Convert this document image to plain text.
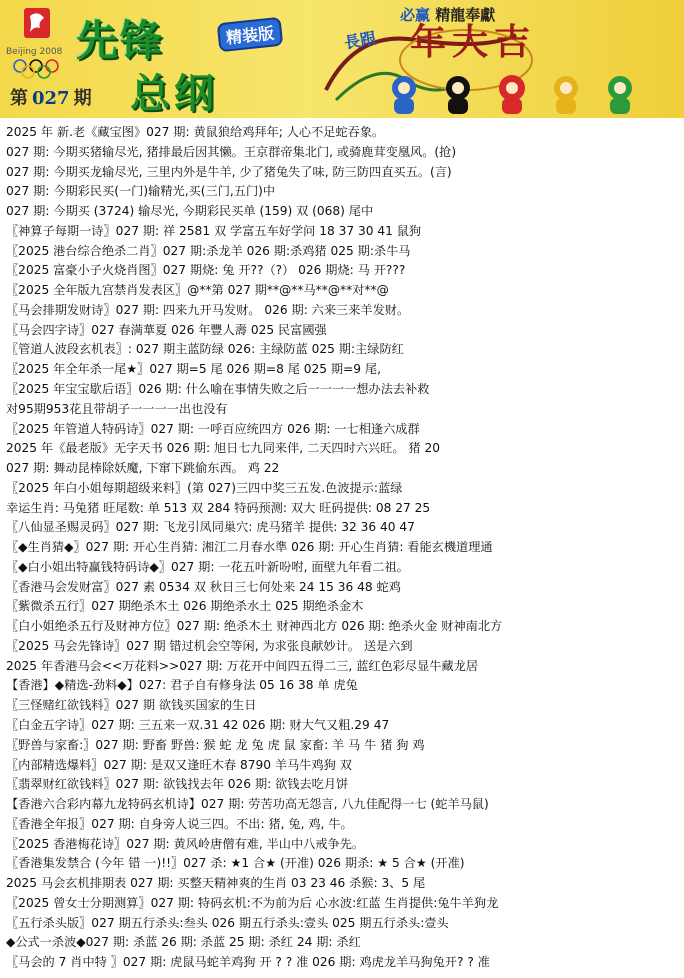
Beijing 2008 先锋	精装版
总纲
第 027 期
必赢 精龍奉獻
長跟 年大吉
2025 年 新.老《藏宝图》027 期: 黄鼠狼给鸡拜年; 人心不足蛇吞象。
027 期: 今期买猪输尽光, 猪排最后因其懒。王京群帝集北门, 或骑鹿茸变凰风。(抢)
027 期: 今期买龙输尽光, 三里内外是牛羊, 少了猪兔失了味, 防三防四直买五。(言)
027 期: 今期彩民买(一门)输精光,买(三门,五门)中
027 期: 今期买 (3724) 输尽光, 今期彩民买单 (159) 双 (068) 尾中
〖神算子每期一诗〗027 期: 祥 2581 双 学富五车好学问 18 37 30 41 鼠狗
〖2025 港台综合绝杀二肖〗027 期:杀龙羊 026 期:杀鸡猪 025 期:杀牛马
〖2025 富豪小子火烧肖图〗027 期烧: 兔 开??（?） 026 期烧: 马 开???
〖2025 全年版九宫禁肖发表区〗@**第 027 期**@**马**@**对**@
〖马会排期发财诗〗027 期: 四来九开马发财。 026 期: 六来三来羊发财。
〖马会四字诗〗027 春满華夏 026 年豐人壽 025 民富國强
〖管道人波段玄机表〗: 027 期主蓝防绿 026: 主绿防蓝 025 期:主绿防红
〖2025 年全年杀一尾★〗027 期=5 尾 026 期=8 尾 025 期=9 尾,
〖2025 年宝宝歇后语〗026 期: 什么喻在事情失败之后一一一一想办法去补救
对95期953花且带胡子一一一一出也没有
〖2025 年管道人特码诗〗027 期: 一呼百应统四方 026 期: 一七相逢六成群
2025 年《最老版》无字天书 026 期: 旭日七九同来伴, 二天四时六兴旺。 猪 20
027 期: 舞动昆棒除妖魔, 下窜下跳偷东西。 鸡 22
〖2025 年白小姐每期超级来料〗(第 027)三四中奖三五发.色波提示:蓝绿
幸运生肖: 马兔猪 旺尾数: 单 513 双 284 特码预测: 双大 旺码提供: 08 27 25
〖八仙显圣赐灵码〗027 期: 飞龙引凤同巢穴: 虎马猪羊 提供: 32 36 40 47
〖◆生肖猜◆〗027 期: 开心生肖猜: 湘江二月春水準 026 期: 开心生肖猜: 看能玄機道理通
〖◆白小姐出特赢钱特码诗◆〗027 期: 一花五叶新吩咐, 面壁九年看二祖。
〖香港马会发财富〗027 素 0534 双 秋日三七何处来 24 15 36 48 蛇鸡
〖紫微杀五行〗027 期绝杀木土 026 期绝杀水土 025 期绝杀金木
〖白小姐绝杀五行及财神方位〗027 期: 绝杀木土 财神西北方 026 期: 绝杀火金 财神南北方
〖2025 马会先锋诗〗027 期 错过机会空等闲, 为求张良献妙计。 送是六到
2025 年香港马会<<万花料>>027 期: 万花开中间四五得二三, 蓝红色彩尽显牛藏龙居
【香港】◆精选-劲料◆】027: 君子自有修身法 05 16 38 单 虎兔
〖三怪赌红欲钱料〗027 期 欲钱买国家的生日
〖白金五字诗〗027 期: 三五来一双.31 42 026 期: 财大气又粗.29 47
〖野兽与家畜:〗027 期: 野畜 野兽: 猴 蛇 龙 兔 虎 鼠 家畜: 羊 马 牛 猪 狗 鸡
〖内部精选爆料〗027 期: 是双又逢旺木春 8790 羊马牛鸡狗 双
〖翡翠财红欲钱料〗027 期: 欲钱找去年 026 期: 欲钱去吃月饼
【香港六合彩内幕九龙特码玄机诗】027 期: 劳苦功高无怨言, 八九佳配得一七 (蛇羊马鼠)
〖香港全年报〗027 期: 自身旁人说三四。不出: 猪, 兔, 鸡, 牛。
〖2025 香港梅花诗〗027 期: 黄风岭唐僧有难, 半山中八戒争先。
〖香港集发禁合 (今年 错 一)!!〗027 杀: ★1 合★ (开准) 026 期杀: ★ 5 合★ (开准)
2025 马会玄机排期表 027 期: 买整天精神爽的生肖 03 23 46 杀猴: 3、5 尾
〖2025 曾女士分期测算〗027 期: 特码玄机:不为前为后 心水波:红蓝 生肖提供:兔牛羊狗龙
〖五行杀头版〗027 期五行杀头:叁头 026 期五行杀头:壹头 025 期五行杀头:壹头
◆公式一杀波◆027 期: 杀蓝 26 期: 杀蓝 25 期: 杀红 24 期: 杀红
〖马会的 7 肖中特 〗027 期: 虎鼠马蛇羊鸡狗 开 ? ? 准 026 期: 鸡虎龙羊马狗兔开? ? 准
